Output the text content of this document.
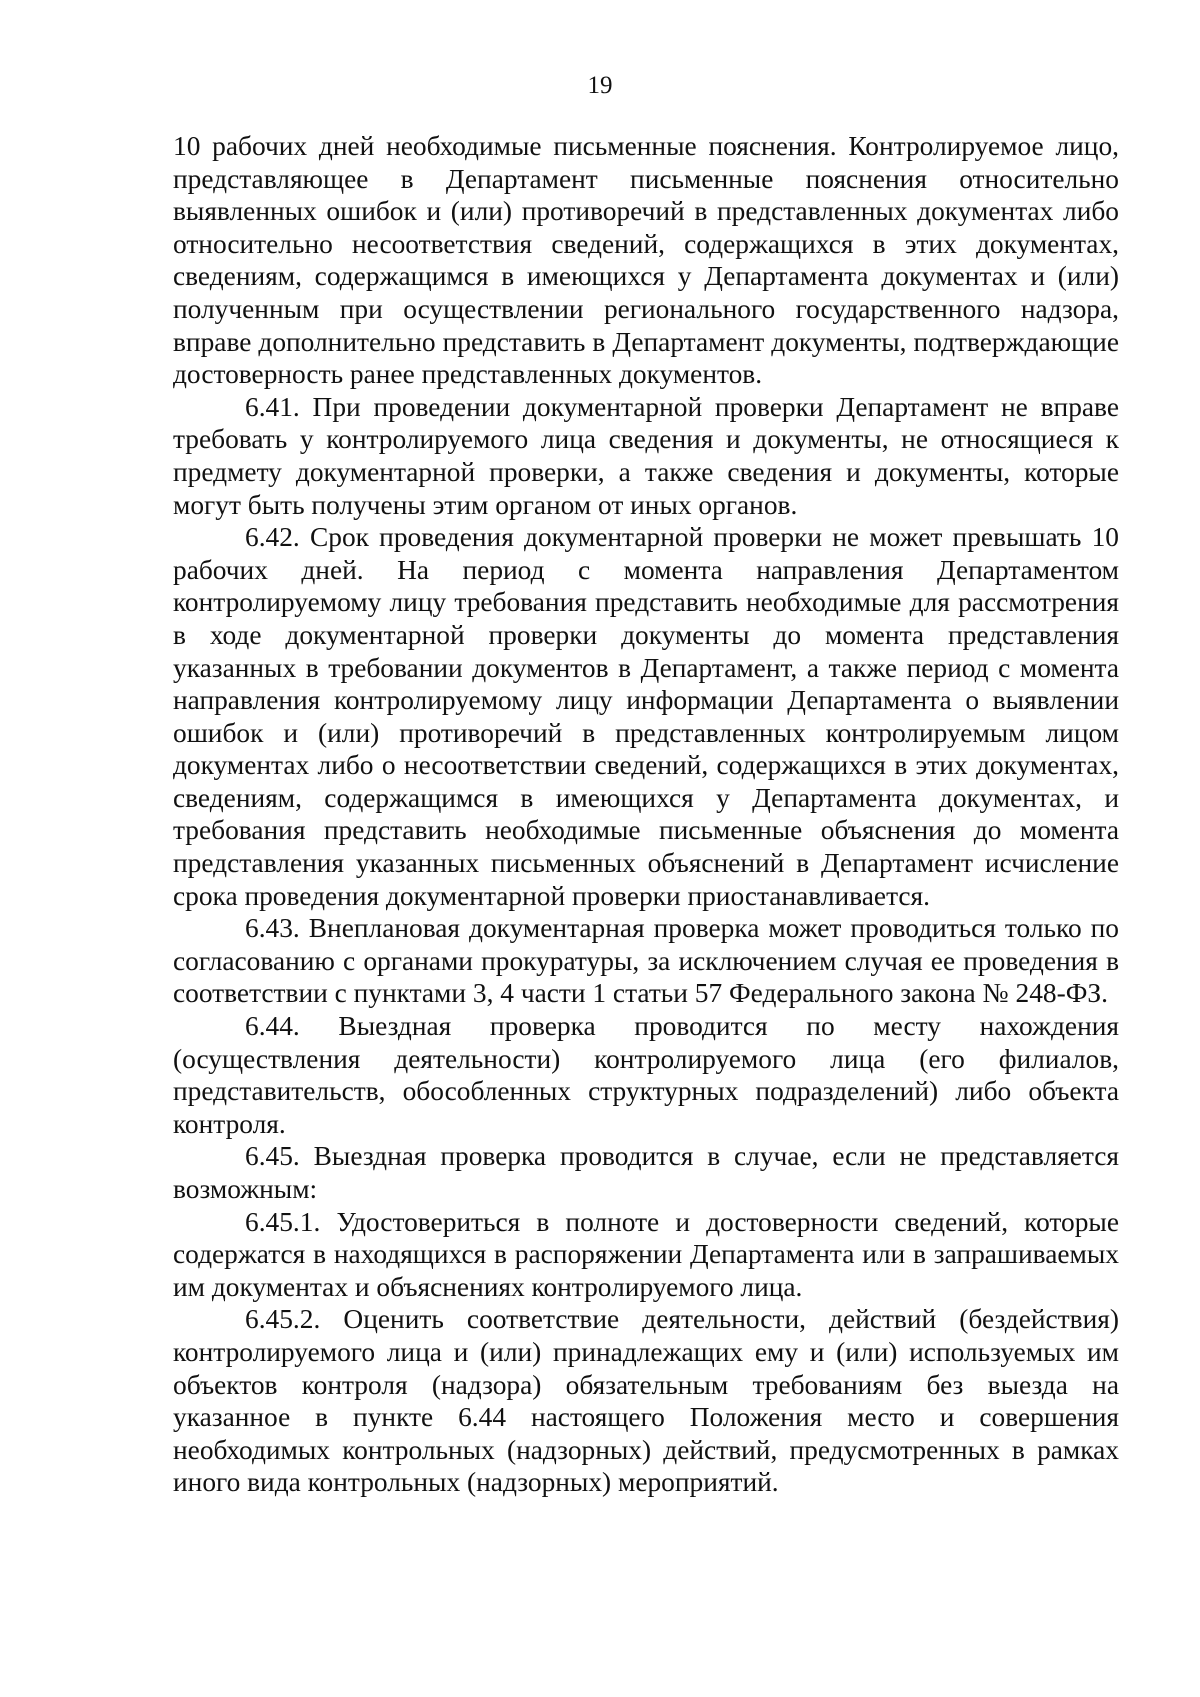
19

10 рабочих дней необходимые письменные пояснения. Контролируемое лицо, представляющее в Департамент письменные пояснения относительно выявленных ошибок и (или) противоречий в представленных документах либо относительно несоответствия сведений, содержащихся в этих документах, сведениям, содержащимся в имеющихся у Департамента документах и (или) полученным при осуществлении регионального государственного надзора, вправе дополнительно представить в Департамент документы, подтверждающие достоверность ранее представленных документов.

6.41. При проведении документарной проверки Департамент не вправе требовать у контролируемого лица сведения и документы, не относящиеся к предмету документарной проверки, а также сведения и документы, которые могут быть получены этим органом от иных органов.

6.42. Срок проведения документарной проверки не может превышать 10 рабочих дней. На период с момента направления Департаментом контролируемому лицу требования представить необходимые для рассмотрения в ходе документарной проверки документы до момента представления указанных в требовании документов в Департамент, а также период с момента направления контролируемому лицу информации Департамента о выявлении ошибок и (или) противоречий в представленных контролируемым лицом документах либо о несоответствии сведений, содержащихся в этих документах, сведениям, содержащимся в имеющихся у Департамента документах, и требования представить необходимые письменные объяснения до момента представления указанных письменных объяснений в Департамент исчисление срока проведения документарной проверки приостанавливается.

6.43. Внеплановая документарная проверка может проводиться только по согласованию с органами прокуратуры, за исключением случая ее проведения в соответствии с пунктами 3, 4 части 1 статьи 57 Федерального закона № 248-ФЗ.

6.44. Выездная проверка проводится по месту нахождения (осуществления деятельности) контролируемого лица (его филиалов, представительств, обособленных структурных подразделений) либо объекта контроля.

6.45. Выездная проверка проводится в случае, если не представляется возможным:

6.45.1. Удостовериться в полноте и достоверности сведений, которые содержатся в находящихся в распоряжении Департамента или в запрашиваемых им документах и объяснениях контролируемого лица.

6.45.2. Оценить соответствие деятельности, действий (бездействия) контролируемого лица и (или) принадлежащих ему и (или) используемых им объектов контроля (надзора) обязательным требованиям без выезда на указанное в пункте 6.44 настоящего Положения место и совершения необходимых контрольных (надзорных) действий, предусмотренных в рамках иного вида контрольных (надзорных) мероприятий.
